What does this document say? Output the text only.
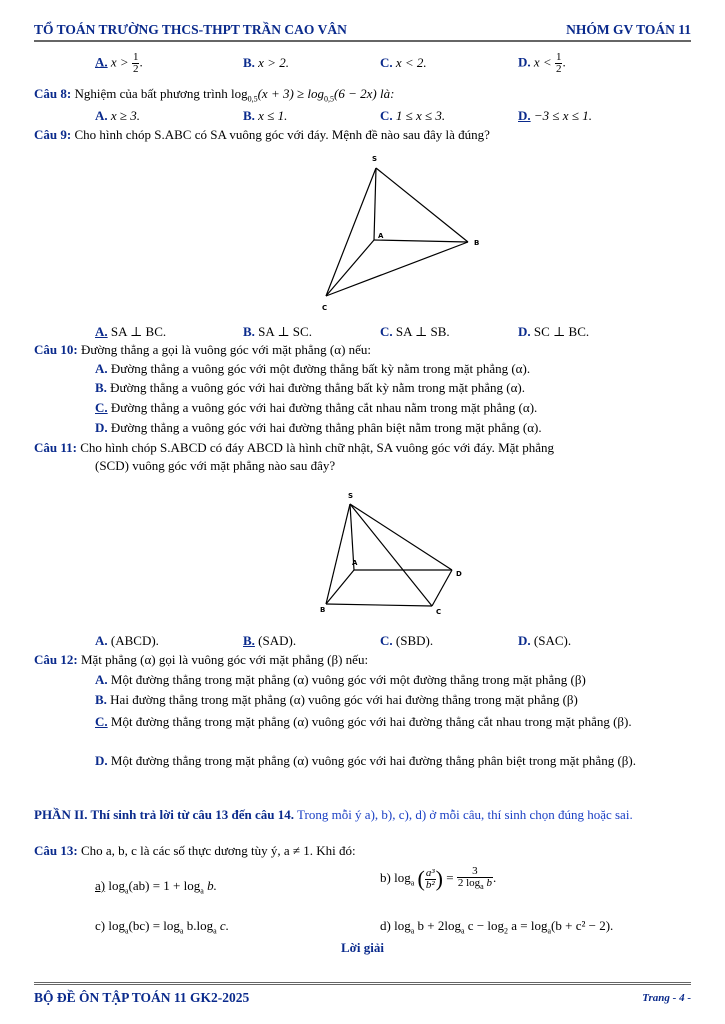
TỔ TOÁN TRƯỜNG THCS-THPT TRẦN CAO VÂN	NHÓM GV TOÁN 11
A. $x > \frac{1}{2}$ .	B. x > 2.	C. x < 2.	D. $x < \frac{1}{2}$ .
Câu 8: Nghiệm của bất phương trình $\log_{0,5}(x + 3) \ge \log_{0,5}(6 - 2x)$ là:
A. x ≥ 3.	B. x ≤ 1.	C. 1 ≤ x ≤ 3.	D. −3 ≤ x ≤ 1.
Câu 9: Cho hình chóp S.ABC có SA vuông góc với đáy. Mệnh đề nào sau đây là đúng?
S
A
B
C
A. SA ⊥ BC.	B. SA ⊥ SC.	C. SA ⊥ SB.	D. SC ⊥ BC.
Câu 10: Đường thẳng a gọi là vuông góc với mặt phẳng (α) nếu:
A. Đường thẳng a vuông góc với một đường thẳng bất kỳ nằm trong mặt phẳng (α).
B. Đường thẳng a vuông góc với hai đường thẳng bất kỳ nằm trong mặt phẳng (α).
C. Đường thẳng a vuông góc với hai đường thẳng cắt nhau nằm trong mặt phẳng (α).
D. Đường thẳng a vuông góc với hai đường thẳng phân biệt nằm trong mặt phẳng (α).
Câu 11: Cho hình chóp S.ABCD có đáy ABCD là hình chữ nhật, SA vuông góc với đáy. Mặt phẳng
(SCD) vuông góc với mặt phẳng nào sau đây?
S
A
D
B	C
A. (ABCD).	B. (SAD).	C. (SBD).	D. (SAC).
Câu 12: Mặt phẳng (α) gọi là vuông góc với mặt phẳng (β) nếu:
A. Một đường thẳng trong mặt phẳng (α) vuông góc với một đường thẳng trong mặt phẳng (β)
B. Hai đường thẳng trong mặt phẳng (α) vuông góc với hai đường thẳng trong mặt phẳng (β)
C. Một đường thẳng trong mặt phẳng (α) vuông góc với hai đường thẳng cắt nhau trong mặt phẳng (β).
D. Một đường thẳng trong mặt phẳng (α) vuông góc với hai đường thẳng phân biệt trong mặt phẳng (β).
PHẦN II. Thí sinh trả lời từ câu 13 đến câu 14. Trong mỗi ý a), b), c), d) ở mỗi câu, thí sinh chọn đúng hoặc sai.
Câu 13: Cho a, b, c là các số thực dương tùy ý, a ≠ 1. Khi đó:
a) $\log_a(ab) = 1 + \log_a b$.
b) $\log_a$ ( $\frac{\text{a³}}{\text{b²}}$ ) = $\frac{3}{2 \log_a b}$ .
c) $\log_a(bc) = \log_a b.\log_a$ c.	d) $\log_a b + 2\log_a$ $c - \log_2 a = \log_a(b + c^2 - 2)$.
Lời giải
BỘ ĐỀ ÔN TẬP TOÁN 11 GK2-2025	Trang - 4 -
